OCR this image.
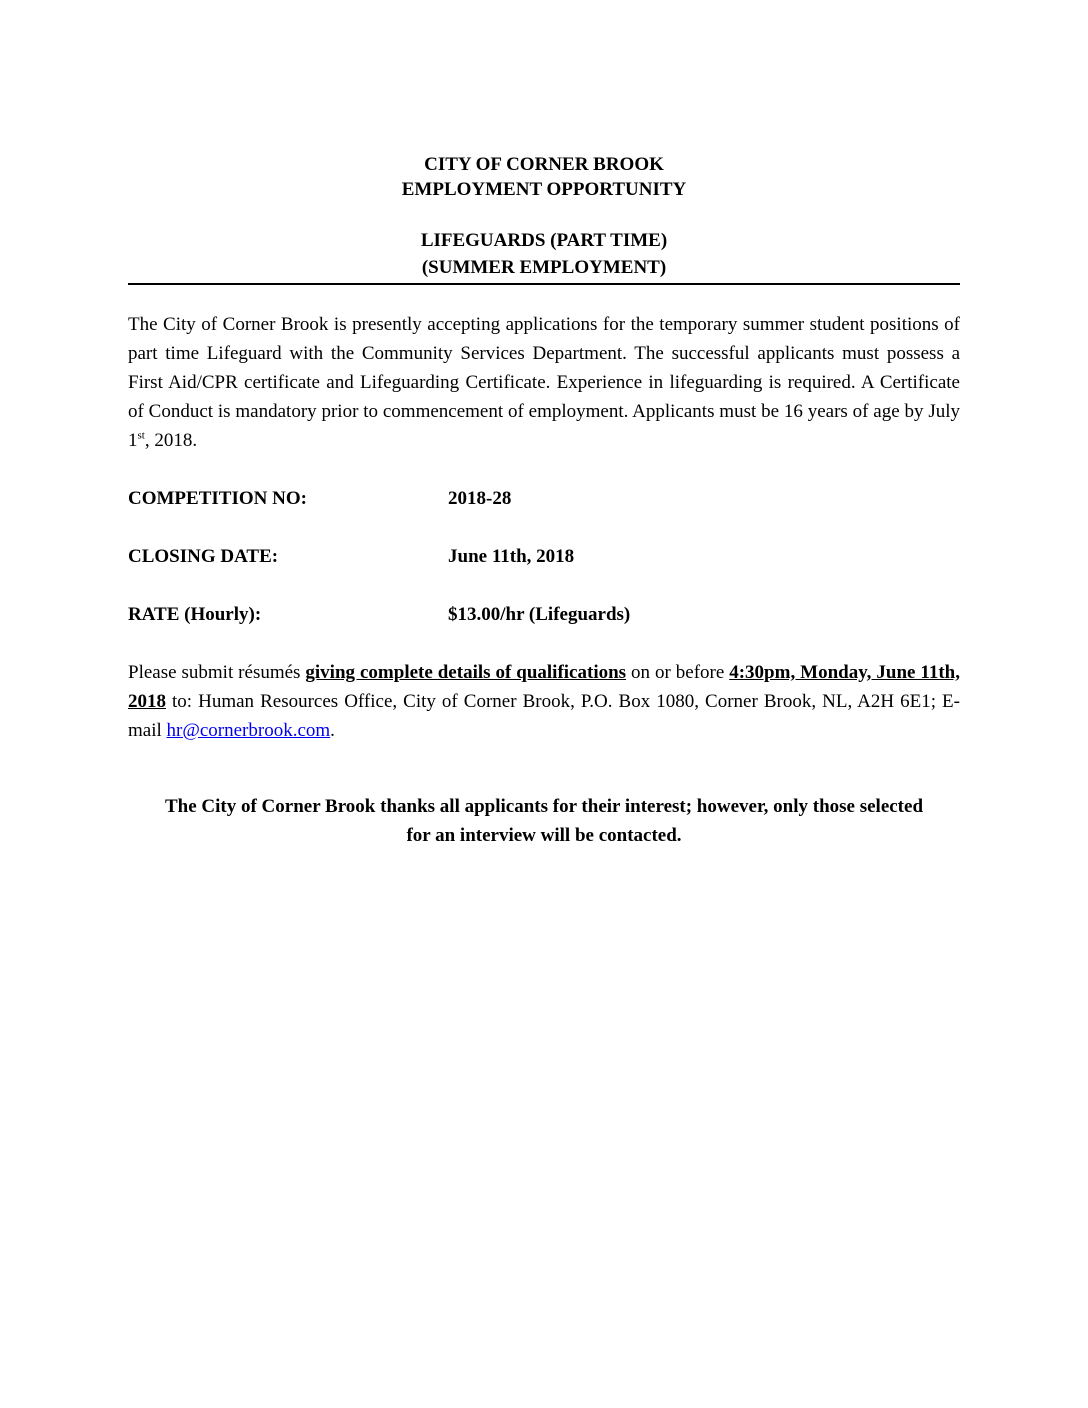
CITY OF CORNER BROOK
EMPLOYMENT OPPORTUNITY
LIFEGUARDS (PART TIME)
(SUMMER EMPLOYMENT)
The City of Corner Brook is presently accepting applications for the temporary summer student positions of part time Lifeguard with the Community Services Department. The successful applicants must possess a First Aid/CPR certificate and Lifeguarding Certificate. Experience in lifeguarding is required. A Certificate of Conduct is mandatory prior to commencement of employment. Applicants must be 16 years of age by July 1st, 2018.
COMPETITION NO:	2018-28
CLOSING DATE:	June 11th, 2018
RATE (Hourly):	$13.00/hr (Lifeguards)
Please submit résumés giving complete details of qualifications on or before 4:30pm, Monday, June 11th, 2018 to: Human Resources Office, City of Corner Brook, P.O. Box 1080, Corner Brook, NL, A2H 6E1; E-mail hr@cornerbrook.com.
The City of Corner Brook thanks all applicants for their interest; however, only those selected
for an interview will be contacted.
